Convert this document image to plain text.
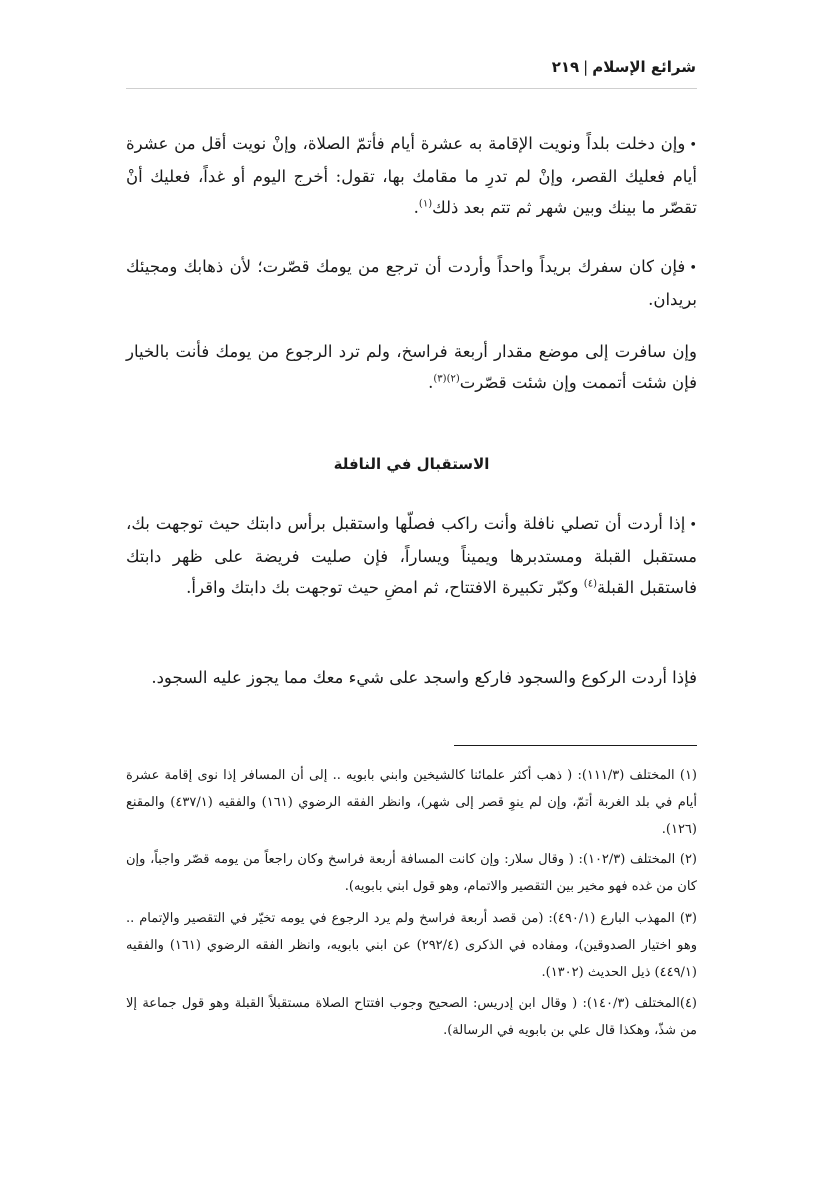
شرائع الإسلام|٢١٩

•وإن دخلت بلداً ونويت الإقامة به عشرة أيام فأتمّ الصلاة، وإنْ نويت أقل من عشرة أيام فعليك القصر، وإنْ لم تدرِ ما مقامك بها، تقول: أخرج اليوم أو غداً، فعليك أنْ تقصّر ما بينك وبين شهر ثم تتم بعد ذلك$^{(١)}$.

•فإن كان سفرك بريداً واحداً وأردت أن ترجع من يومك قصّرت؛ لأن ذهابك ومجيئك بريدان.

وإن سافرت إلى موضع مقدار أربعة فراسخ، ولم ترد الرجوع من يومك فأنت بالخيار فإن شئت أتممت وإن شئت قصّرت$^{(٢)(٣)}$.

الاستقبال في النافلة

•إذا أردت أن تصلي نافلة وأنت راكب فصلّها واستقبل برأس دابتك حيث توجهت بك، مستقبل القبلة ومستدبرها ويميناً ويساراً، فإن صليت فريضة على ظهر دابتك فاستقبل القبلة$^{(٤)}$ وكبّر تكبيرة الافتتاح، ثم امضِ حيث توجهت بك دابتك واقرأ.

فإذا أردت الركوع والسجود فاركع واسجد على شيء معك مما يجوز عليه السجود.

(١) المختلف (١١١/٣): ( ذهب أكثر علمائنا كالشيخين وابني بابويه .. إلى أن المسافر إذا نوى إقامة عشرة أيام في بلد الغربة أتمّ، وإن لم ينوِ قصر إلى شهر)، وانظر الفقه الرضوي (١٦١) والفقيه (٤٣٧/١) والمقنع (١٢٦).

(٢) المختلف (١٠٢/٣): ( وقال سلار: وإن كانت المسافة أربعة فراسخ وكان راجعاً من يومه قصّر واجباً، وإن كان من غده فهو مخير بين التقصير والاتمام، وهو قول ابني بابويه).

(٣) المهذب البارع (٤٩٠/١): (من قصد أربعة فراسخ ولم يرد الرجوع في يومه تخيّر في التقصير والإتمام .. وهو اختيار الصدوقين)، ومفاده في الذكرى (٢٩٢/٤) عن ابني بابويه، وانظر الفقه الرضوي (١٦١) والفقيه (٤٤٩/١) ذيل الحديث (١٣٠٢).

(٤)المختلف (١٤٠/٣): ( وقال ابن إدريس: الصحيح وجوب افتتاح الصلاة مستقبلاً القبلة وهو قول جماعة إلا من شذّ، وهكذا قال علي بن بابويه في الرسالة).
